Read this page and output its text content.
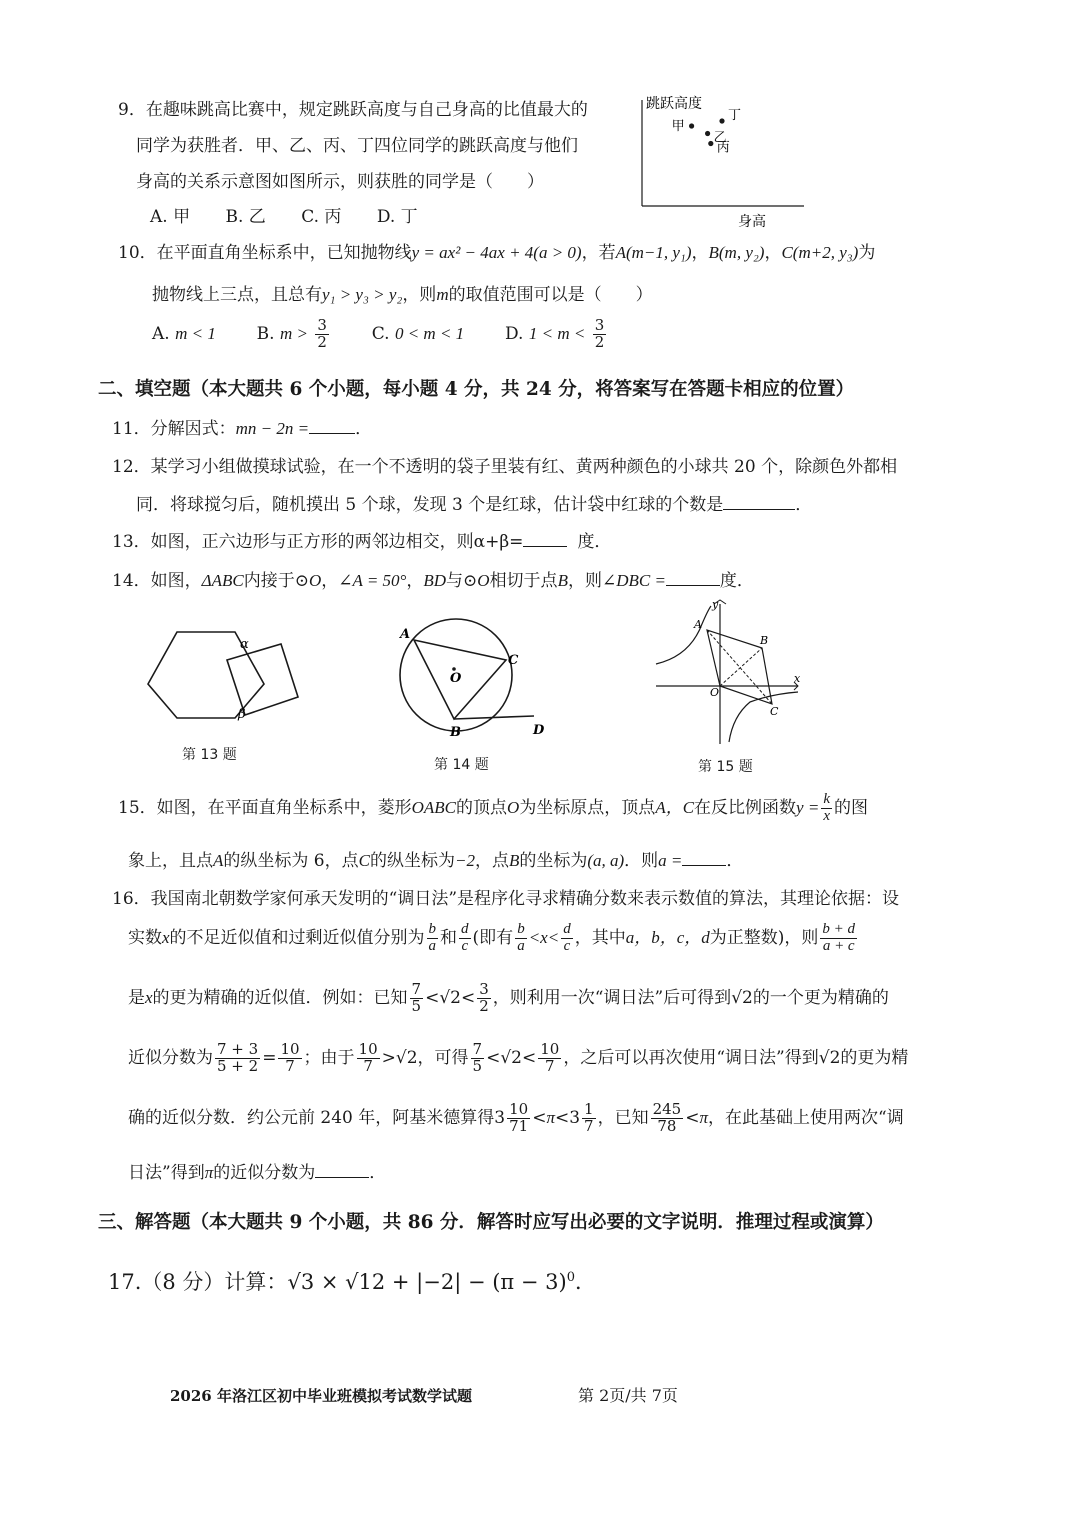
9．在趣味跳高比赛中，规定跳跃高度与自己身高的比值最大的
同学为获胜者．甲、乙、丙、丁四位同学的跳跃高度与他们
身高的关系示意图如图所示，则获胜的同学是（　　）
A. 甲 B. 乙 C. 丙 D. 丁
跳跃高度
身高
甲
乙
丙
丁
10．在平面直角坐标系中，已知抛物线y = ax² − 4ax + 4(a > 0)，若A(m−1, y₁)，B(m, y₂)，C(m+2, y₃)为
抛物线上三点，且总有y₁ > y₃ > y₂，则m的取值范围可以是（　　）
A. m < 1 B. $m > \frac{3}{2}$	C. 0 < m < 1 D. $1 < m < \frac{3}{2}$
二、填空题（本大题共 6 个小题，每小题 4 分，共 24 分，将答案写在答题卡相应的位置）
11．分解因式：mn − 2n =	．
12．某学习小组做摸球试验，在一个不透明的袋子里装有红、黄两种颜色的小球共 20 个，除颜色外都相
同．将球搅匀后，随机摸出 5 个球，发现 3 个是红球，估计袋中红球的个数是	．
13．如图，正六边形与正方形的两邻边相交，则α+β=	度．
14．如图，ΔABC内接于⊙O，∠A = 50°，BD与⊙O相切于点B，则∠DBC =	度．
α
β
第 13 题
A
C
B	D
O
第 14 题
A
B
C
O
x
y
第 15 题
15．如图，在平面直角坐标系中，菱形OABC的顶点O为坐标原点，顶点A，C在反比例函数$y = \frac{k}{x}$ 的图
象上，且点A的纵坐标为 6，点C的纵坐标为−2，点B的坐标为(a, a)．则a =	．
16．我国南北朝数学家何承天发明的“调日法”是程序化寻求精确分数来表示数值的算法，其理论依据：设
实数x的不足近似值和过剩近似值分别为 $\frac{b}{a}$ 和 $\frac{d}{c}$ (即有 $\frac{b}{a} <x< \frac{d}{c}$ ，其中a，b，c，d为正整数)，则 $\frac{b + d}{a + c}$
是x的更为精确的近似值．例如：已知 $\frac{7}{5} <√2< \frac{3}{2}$ ，则利用一次“调日法”后可得到√2的一个更为精确的
近似分数为 $\frac{7 + 3}{5 + 2} = \frac{10}{7}$ ；由于 $\frac{10}{7} >√2$，可得 $\frac{7}{5} <√2< \frac{10}{7}$ ，之后可以再次使用“调日法”得到√2的更为精
确的近似分数．约公元前 240 年，阿基米德算得$3 \frac{10}{71} <\pi<3 \frac{1}{7}$ ，已知 $\frac{245}{78} <\pi$，在此基础上使用两次“调
日法”得到π的近似分数为	．
三、解答题（本大题共 9 个小题，共 86 分．解答时应写出必要的文字说明．推理过程或演算）
17.（8 分）计算：$√3 \times √12 + |-2| - (\pi - 3)^0$．
2026 年洛江区初中毕业班模拟考试数学试题	第 2页/共 7页
